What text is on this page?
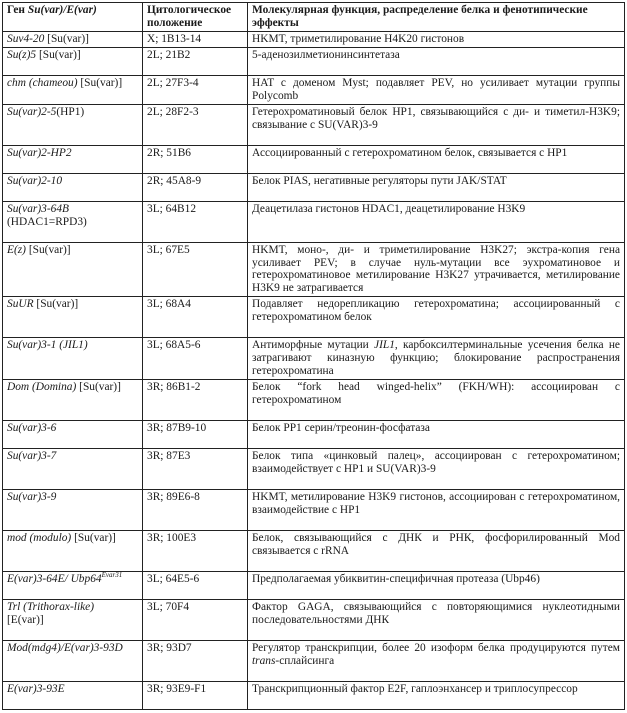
Ген Su(var)/E(var)	Цитологическое положение	Молекулярная функция, распределение белка и фенотипические эффекты
Suv4-20 [Su(var)]	X; 1B13-14	HKMT, триметилирование H4K20 гистонов
Su(z)5 [Su(var)]	2L; 21B2	5-аденозилметионинсинтетаза
chm (chameou) [Su(var)]	2L; 27F3-4	HAT с доменом Myst; подавляет PEV, но усиливает мутации группы Polycomb
Su(var)2-5(HP1)	2L; 28F2-3	Гетерохроматиновый белок HP1, связывающийся с ди- и тиметил-H3K9; связывание с SU(VAR)3-9
Su(var)2-HP2	2R; 51B6	Ассоциированный с гетерохроматином белок, связывается с HP1
Su(var)2-10	2R; 45A8-9	Белок PIAS, негативные регуляторы пути JAK/STAT
Su(var)3-64B
(HDAC1=RPD3)	3L; 64B12	Деацетилаза гистонов HDAC1, деацетилирование H3K9
E(z) [Su(var)]	3L; 67E5	HKMT, моно-, ди- и триметилирование H3K27; экстра-копия гена усиливает PEV; в случае нуль-мутации все эухроматиновое и гетерохроматиновое метилирование H3K27 утрачивается, метилирование H3K9 не затрагивается
SuUR [Su(var)]	3L; 68A4	Подавляет недорепликацию гетерохроматина; ассоциированный с гетерохроматином белок
Su(var)3-1 (JIL1)	3L; 68A5-6	Антиморфные мутации JIL1, карбоксилтерминальные усечения белка не затрагивают киназную функцию; блокирование распространения гетерохроматина
Dom (Domina) [Su(var)]	3R; 86B1-2	Белок “fork head winged-helix” (FKH/WH): ассоциирован с гетерохроматином
Su(var)3-6	3R; 87B9-10	Белок PP1 серин/треонин-фосфатаза
Su(var)3-7	3R; 87E3	Белок типа «цинковый палец», ассоциирован с гетерохроматином; взаимодействует с HP1 и SU(VAR)3-9
Su(var)3-9	3R; 89E6-8	HKMT, метилирование H3K9 гистонов, ассоциирован с гетерохроматином, взаимодействие с HP1
mod (modulo) [Su(var)]	3R; 100E3	Белок, связывающийся с ДНК и РНК, фосфорилированный Mod связывается с rRNA
E(var)3-64E/ $Ubp64^{Evar31}$	3L; 64E5-6	Предполагаемая убиквитин-специфичная протеаза (Ubp46)
Trl (Trithorax-like)
[E(var)]	3L; 70F4	Фактор GAGA, связывающийся с повторяющимися нуклеотидными последовательностями ДНК
Mod(mdg4)/E(var)3-93D	3R; 93D7	Регулятор транскрипции, более 20 изоформ белка продуцируются путем trans-сплайсинга
E(var)3-93E	3R; 93E9-F1	Транскрипционный фактор E2F, гаплоэнхансер и триплосупрессор
